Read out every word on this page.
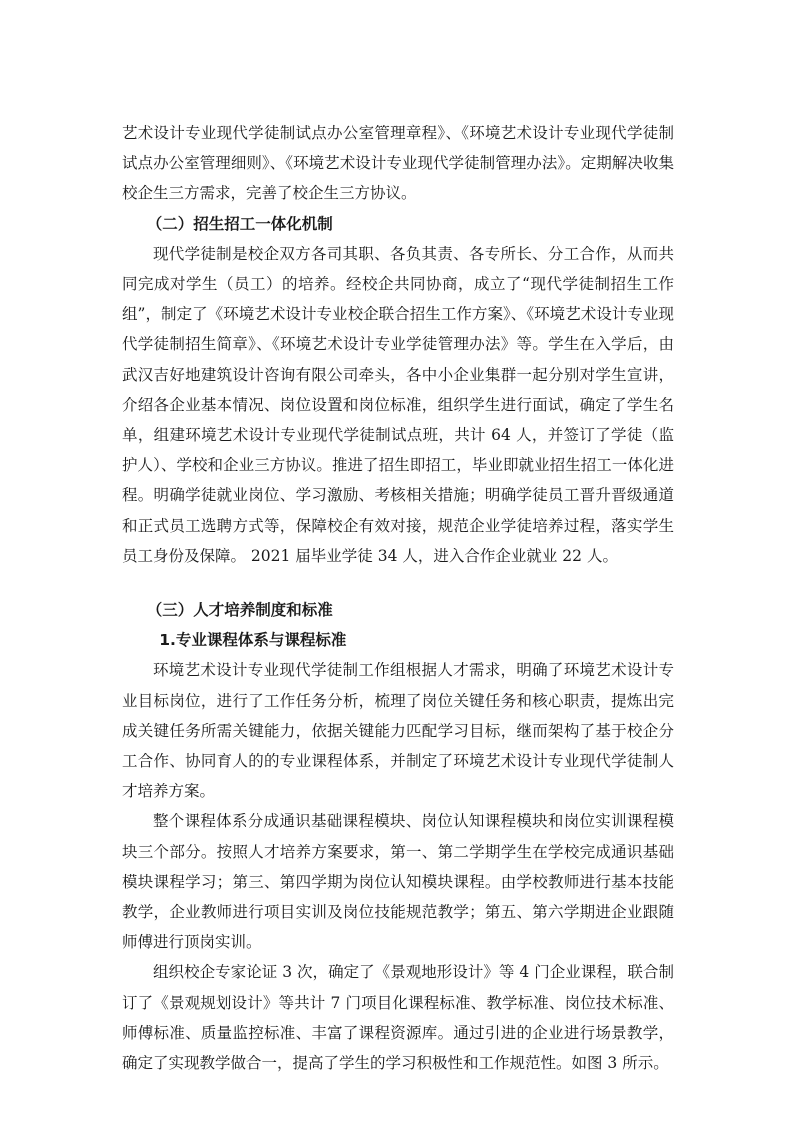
艺术设计专业现代学徒制试点办公室管理章程》、《环境艺术设计专业现代学徒制试点办公室管理细则》、《环境艺术设计专业现代学徒制管理办法》。定期解决收集校企生三方需求，完善了校企生三方协议。

（二）招生招工一体化机制

现代学徒制是校企双方各司其职、各负其责、各专所长、分工合作，从而共同完成对学生（员工）的培养。经校企共同协商，成立了“现代学徒制招生工作组”，制定了《环境艺术设计专业校企联合招生工作方案》、《环境艺术设计专业现代学徒制招生简章》、《环境艺术设计专业学徒管理办法》等。学生在入学后，由武汉吉好地建筑设计咨询有限公司牵头，各中小企业集群一起分别对学生宣讲，介绍各企业基本情况、岗位设置和岗位标准，组织学生进行面试，确定了学生名单，组建环境艺术设计专业现代学徒制试点班，共计 64 人，并签订了学徒（监护人）、学校和企业三方协议。推进了招生即招工，毕业即就业招生招工一体化进程。明确学徒就业岗位、学习激励、考核相关措施；明确学徒员工晋升晋级通道和正式员工选聘方式等，保障校企有效对接，规范企业学徒培养过程，落实学生员工身份及保障。 2021 届毕业学徒 34 人，进入合作企业就业 22 人。

（三）人才培养制度和标准

1.专业课程体系与课程标准

环境艺术设计专业现代学徒制工作组根据人才需求，明确了环境艺术设计专业目标岗位，进行了工作任务分析，梳理了岗位关键任务和核心职责，提炼出完成关键任务所需关键能力，依据关键能力匹配学习目标，继而架构了基于校企分工合作、协同育人的的专业课程体系，并制定了环境艺术设计专业现代学徒制人才培养方案。

整个课程体系分成通识基础课程模块、岗位认知课程模块和岗位实训课程模块三个部分。按照人才培养方案要求，第一、第二学期学生在学校完成通识基础模块课程学习；第三、第四学期为岗位认知模块课程。由学校教师进行基本技能教学，企业教师进行项目实训及岗位技能规范教学；第五、第六学期进企业跟随师傅进行顶岗实训。

组织校企专家论证 3 次，确定了《景观地形设计》等 4 门企业课程，联合制订了《景观规划设计》等共计 7 门项目化课程标准、教学标准、岗位技术标准、师傅标准、质量监控标准、丰富了课程资源库。通过引进的企业进行场景教学，确定了实现教学做合一，提高了学生的学习积极性和工作规范性。如图 3 所示。
